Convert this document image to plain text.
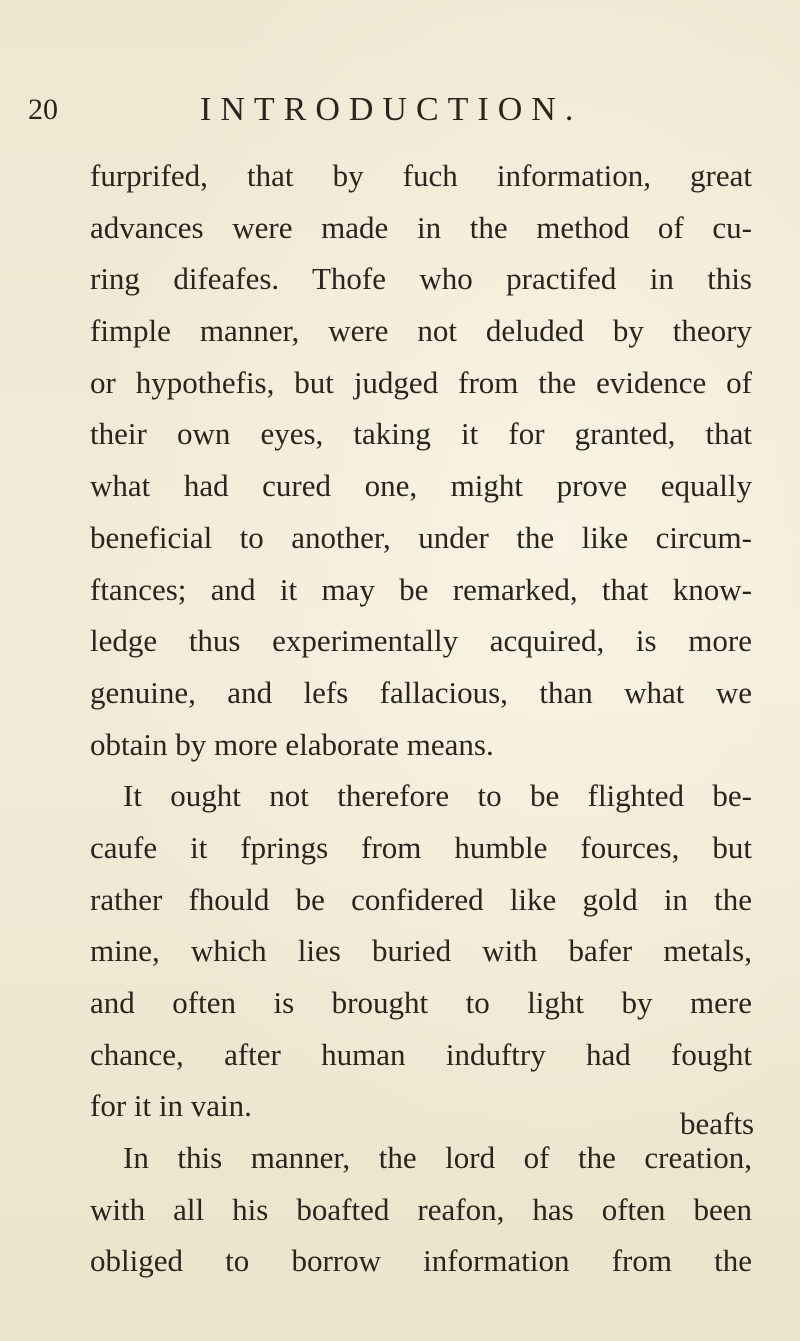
20	INTRODUCTION.
furprifed, that by fuch information, great
advances were made in the method of cu-
ring difeafes. Thofe who practifed in this
fimple manner, were not deluded by theory
or hypothefis, but judged from the evidence of
their own eyes, taking it for granted, that
what had cured one, might prove equally
beneficial to another, under the like circum-
ftances; and it may be remarked, that know-
ledge thus experimentally acquired, is more
genuine, and lefs fallacious, than what we
obtain by more elaborate means.
It ought not therefore to be flighted be-
caufe it fprings from humble fources, but
rather fhould be confidered like gold in the
mine, which lies buried with bafer metals,
and often is brought to light by mere
chance, after human induftry had fought
for it in vain.
In this manner, the lord of the creation,
with all his boafted reafon, has often been
obliged to borrow information from the
beafts
